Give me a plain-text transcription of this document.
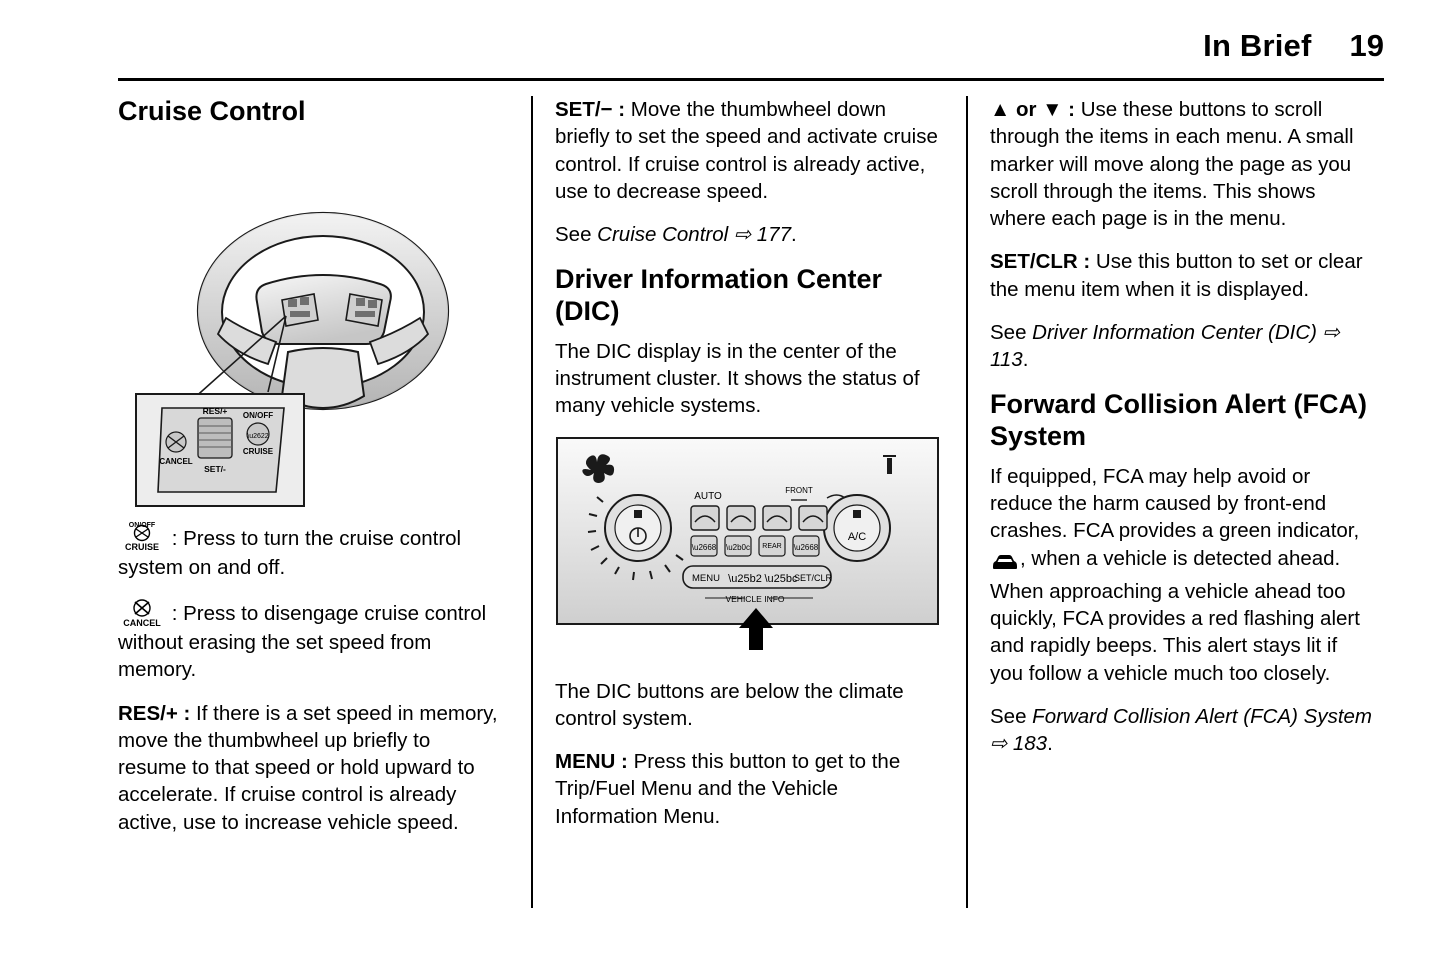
In Brief 19
Cruise Control
RES/+
SET/-
ON/OFF
\u2622
CRUISE
CANCEL

ON/OFF
CRUISE : Press to turn the cruise control system on and off.

CANCEL : Press to disengage cruise control without erasing the set speed from memory.

RES/+ : If there is a set speed in memory, move the thumbwheel up briefly to resume to that speed or hold upward to accelerate. If cruise control is already active, use to increase vehicle speed.

SET/− : Move the thumbwheel down briefly to set the speed and activate cruise control. If cruise control is already active, use to decrease speed.

See Cruise Control ⇨ 177.

Driver Information Center (DIC)

The DIC display is in the center of the instrument cluster. It shows the status of many vehicle systems.

A/C
AUTO
FRONT
\u2668 \u2b0c REAR \u2668
MENU \u25b2 \u25bc
SET/CLR
VEHICLE INFO

The DIC buttons are below the climate control system.

MENU : Press this button to get to the Trip/Fuel Menu and the Vehicle Information Menu.

▲ or ▼ : Use these buttons to scroll through the items in each menu. A small marker will move along the page as you scroll through the items. This shows where each page is in the menu.

SET/CLR : Use this button to set or clear the menu item when it is displayed.

See Driver Information Center (DIC) ⇨ 113.

Forward Collision Alert (FCA) System

If equipped, FCA may help avoid or reduce the harm caused by front-end crashes. FCA provides a green indicator, , when a vehicle is detected ahead. When approaching a vehicle ahead too quickly, FCA provides a red flashing alert and rapidly beeps. This alert stays lit if you follow a vehicle much too closely.

See Forward Collision Alert (FCA) System ⇨ 183.
